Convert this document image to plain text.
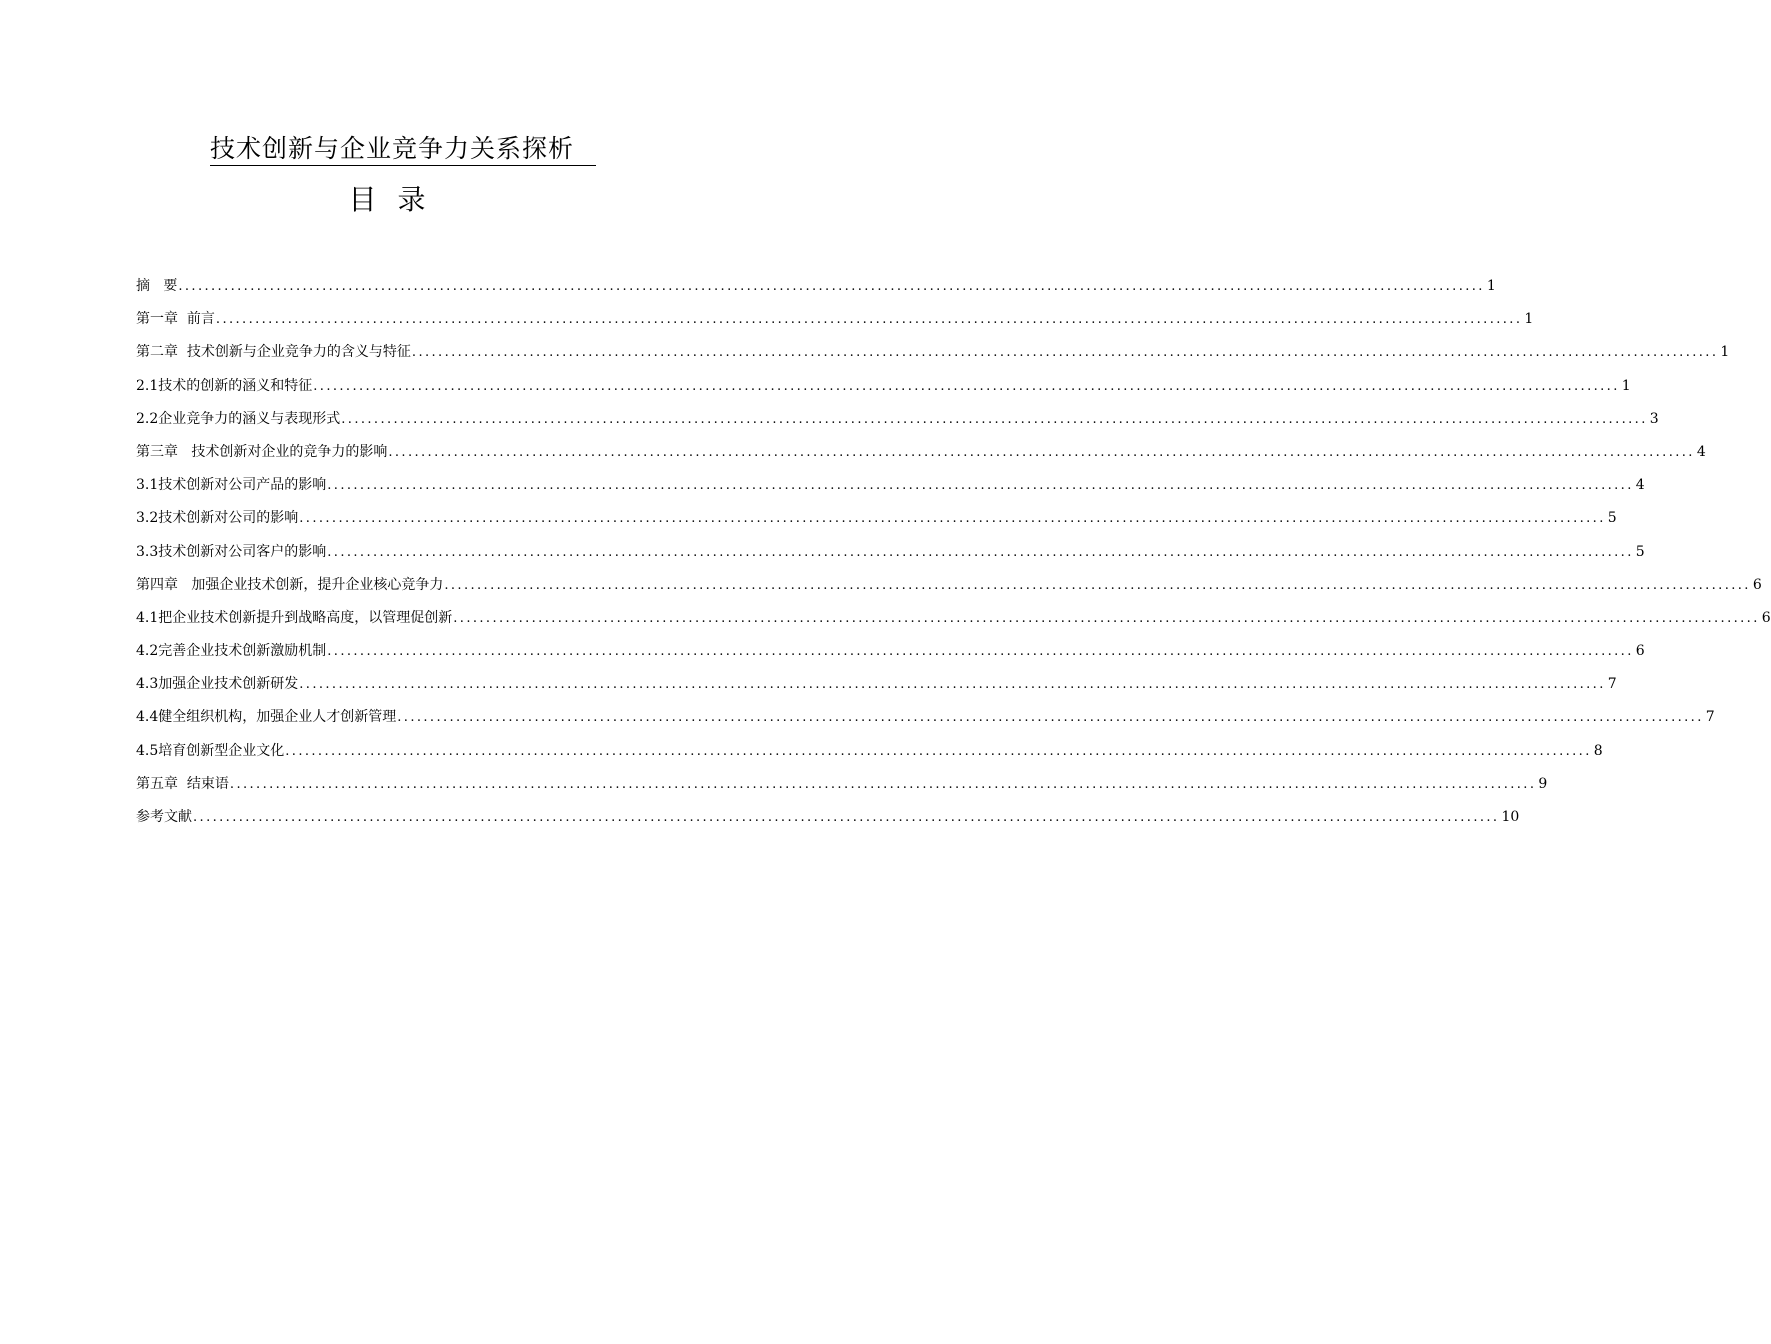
技术创新与企业竞争力关系探析
目 录
摘   要 ........................................................................................................................................................................................................ 1
第一章  前言 ........................................................................................................................................................................................................ 1
第二章  技术创新与企业竞争力的含义与特征 ........................................................................................................................................................................................................ 1
2.1技术的创新的涵义和特征 ........................................................................................................................................................................................................ 1
2.2企业竞争力的涵义与表现形式 ........................................................................................................................................................................................................ 3
第三章   技术创新对企业的竞争力的影响 ........................................................................................................................................................................................................ 4
3.1技术创新对公司产品的影响 ........................................................................................................................................................................................................ 4
3.2技术创新对公司的影响 ........................................................................................................................................................................................................ 5
3.3技术创新对公司客户的影响 ........................................................................................................................................................................................................ 5
第四章   加强企业技术创新，提升企业核心竞争力 ........................................................................................................................................................................................................ 6
4.1把企业技术创新提升到战略高度，以管理促创新 ........................................................................................................................................................................................................ 6
4.2完善企业技术创新激励机制 ........................................................................................................................................................................................................ 6
4.3加强企业技术创新研发 ........................................................................................................................................................................................................ 7
4.4健全组织机构，加强企业人才创新管理 ........................................................................................................................................................................................................ 7
4.5培育创新型企业文化 ........................................................................................................................................................................................................ 8
第五章  结束语 ........................................................................................................................................................................................................ 9
参考文献 ........................................................................................................................................................................................................ 10
